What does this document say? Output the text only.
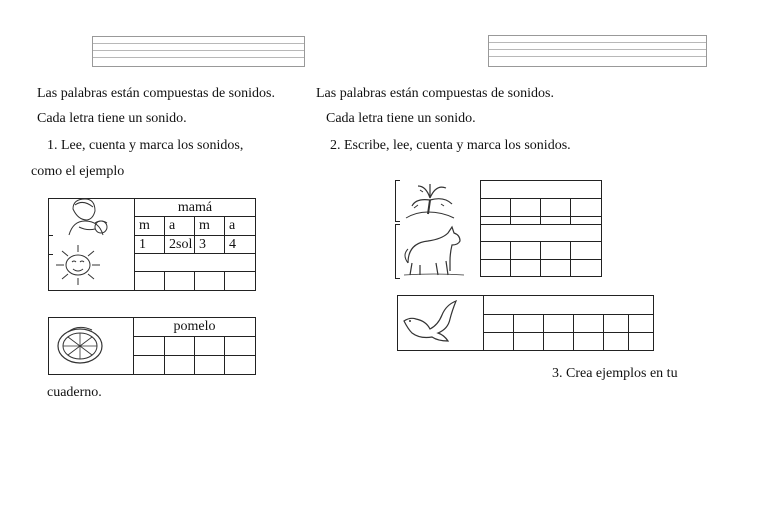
Las palabras están compuestas de sonidos.
Cada letra tiene un sonido.
1. Lee, cuenta y marca los sonidos,
como el ejemplo
Las palabras están compuestas de sonidos.
Cada letra tiene un sonido.
2. Escribe, lee, cuenta y marca los sonidos.
mamá
m	a	m	a
1	2sol 3	4
pomelo
cuaderno.
3. Crea ejemplos en tu
